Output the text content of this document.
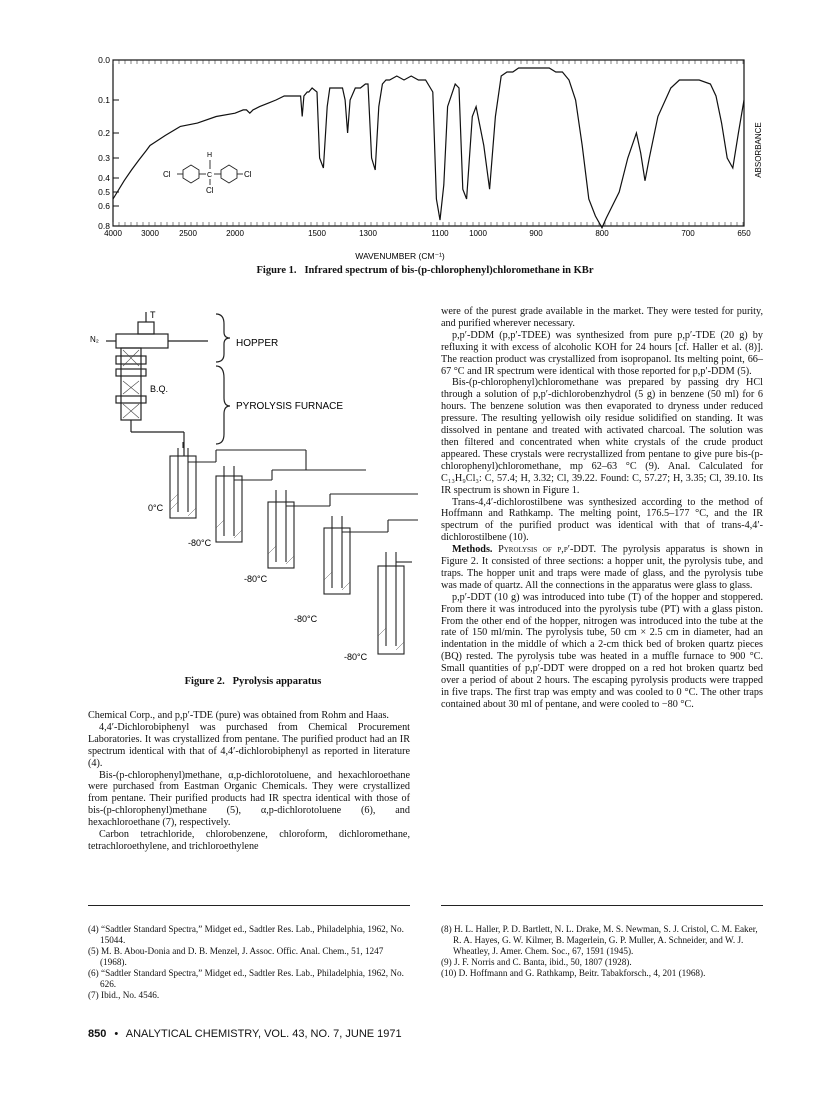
0.0
0.1
0.2
0.3
0.4
0.5
0.6
0.8
4000 3000	2500	2000	1500	1300	1100	1000	900	800	700	650
H
Cl	C	Cl
Cl
WAVENUMBER (CM⁻¹)
ABSORBANCE
Figure 1. Infrared spectrum of bis-(p-chlorophenyl)chloromethane in KBr
T
N₂
B.Q.
HOPPER
PYROLYSIS FURNACE
0°C
-80°C
-80°C
-80°C
-80°C
Figure 2. Pyrolysis apparatus

Chemical Corp., and p,p′-TDE (pure) was obtained from Rohm and Haas.

4,4′-Dichlorobiphenyl was purchased from Chemical Procurement Laboratories. It was crystallized from pentane. The purified product had an IR spectrum identical with that of 4,4′-dichlorobiphenyl as reported in literature (4).

Bis-(p-chlorophenyl)methane, α,p-dichlorotoluene, and hexachloroethane were purchased from Eastman Organic Chemicals. They were crystallized from pentane. Their purified products had IR spectra identical with those of bis-(p-chlorophenyl)methane (5), α,p-dichlorotoluene (6), and hexachloroethane (7), respectively.

Carbon tetrachloride, chlorobenzene, chloroform, dichloromethane, tetrachloroethylene, and trichloroethylene

were of the purest grade available in the market. They were tested for purity, and purified wherever necessary.

p,p′-DDM (p,p′-TDEE) was synthesized from pure p,p′-TDE (20 g) by refluxing it with excess of alcoholic KOH for 24 hours [cf. Haller et al. (8)]. The reaction product was crystallized from isopropanol. Its melting point, 66–67 °C and IR spectrum were identical with those reported for p,p′-DDM (5).

Bis-(p-chlorophenyl)chloromethane was prepared by passing dry HCl through a solution of p,p′-dichlorobenzhydrol (5 g) in benzene (50 ml) for 6 hours. The benzene solution was then evaporated to dryness under reduced pressure. The resulting yellowish oily residue solidified on standing. It was dissolved in pentane and treated with activated charcoal. The solution was then filtered and concentrated when white crystals of the crude product appeared. These crystals were recrystallized from pentane to give pure bis-(p-chlorophenyl)chloromethane, mp 62–63 °C (9). Anal. Calculated for C₁₃H₉Cl₃: C, 57.4; H, 3.32; Cl, 39.22. Found: C, 57.27; H, 3.35; Cl, 39.10. Its IR spectrum is shown in Figure 1.

Trans-4,4′-dichlorostilbene was synthesized according to the method of Hoffmann and Rathkamp. The melting point, 176.5–177 °C, and the IR spectrum of the purified product was identical with that of trans-4,4′-dichlorostilbene (10).

Methods. Pyrolysis of p,p′-DDT. The pyrolysis apparatus is shown in Figure 2. It consisted of three sections: a hopper unit, the pyrolysis tube, and traps. The hopper unit and traps were made of glass, and the pyrolysis tube was made of quartz. All the connections in the apparatus were glass to glass.

p,p′-DDT (10 g) was introduced into tube (T) of the hopper and stoppered. From there it was introduced into the pyrolysis tube (PT) with a glass piston. From the other end of the hopper, nitrogen was introduced into the tube at the rate of 150 ml/min. The pyrolysis tube, 50 cm × 2.5 cm in diameter, had an indentation in the middle of which a 2-cm thick bed of broken quartz pieces (BQ) rested. The pyrolysis tube was heated in a muffle furnace to 900 °C. Small quantities of p,p′-DDT were dropped on a red hot broken quartz bed over a period of about 2 hours. The escaping pyrolysis products were trapped in five traps. The first trap was empty and was cooled to 0 °C. The other traps contained about 30 ml of pentane, and were cooled to −80 °C.

(4) “Sadtler Standard Spectra,” Midget ed., Sadtler Res. Lab., Philadelphia, 1962, No. 15044.
(5) M. B. Abou-Donia and D. B. Menzel, J. Assoc. Offic. Anal. Chem., 51, 1247 (1968).
(6) “Sadtler Standard Spectra,” Midget ed., Sadtler Res. Lab., Philadelphia, 1962, No. 626.
(7) Ibid., No. 4546.
(8) H. L. Haller, P. D. Bartlett, N. L. Drake, M. S. Newman, S. J. Cristol, C. M. Eaker, R. A. Hayes, G. W. Kilmer, B. Magerlein, G. P. Muller, A. Schneider, and W. J. Wheatley, J. Amer. Chem. Soc., 67, 1591 (1945).
(9) J. F. Norris and C. Banta, ibid., 50, 1807 (1928).
(10) D. Hoffmann and G. Rathkamp, Beitr. Tabakforsch., 4, 201 (1968).
850 • ANALYTICAL CHEMISTRY, VOL. 43, NO. 7, JUNE 1971
